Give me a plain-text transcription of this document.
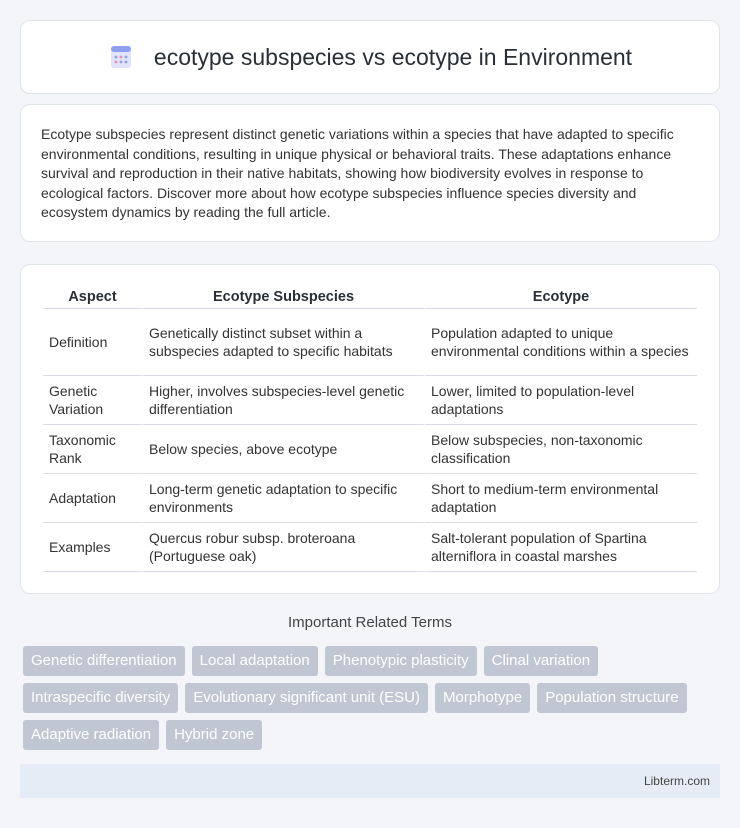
ecotype subspecies vs ecotype in Environment

Ecotype subspecies represent distinct genetic variations within a species that have adapted to specific environmental conditions, resulting in unique physical or behavioral traits. These adaptations enhance survival and reproduction in their native habitats, showing how biodiversity evolves in response to ecological factors. Discover more about how ecotype subspecies influence species diversity and ecosystem dynamics by reading the full article.

Aspect	Ecotype Subspecies	Ecotype
Definition	Genetically distinct subset within a subspecies adapted to specific habitats	Population adapted to unique environmental conditions within a species
Genetic Variation	Higher, involves subspecies-level genetic differentiation	Lower, limited to population-level adaptations
Taxonomic Rank	Below species, above ecotype	Below subspecies, non-taxonomic classification
Adaptation	Long-term genetic adaptation to specific environments	Short to medium-term environmental adaptation
Examples	Quercus robur subsp. broteroana (Portuguese oak)	Salt-tolerant population of Spartina alterniflora in coastal marshes
Important Related Terms
Genetic differentiation	Local adaptation	Phenotypic plasticity	Clinal variation
Intraspecific diversity	Evolutionary significant unit (ESU)	Morphotype	Population structure
Adaptive radiation	Hybrid zone
Libterm.com
